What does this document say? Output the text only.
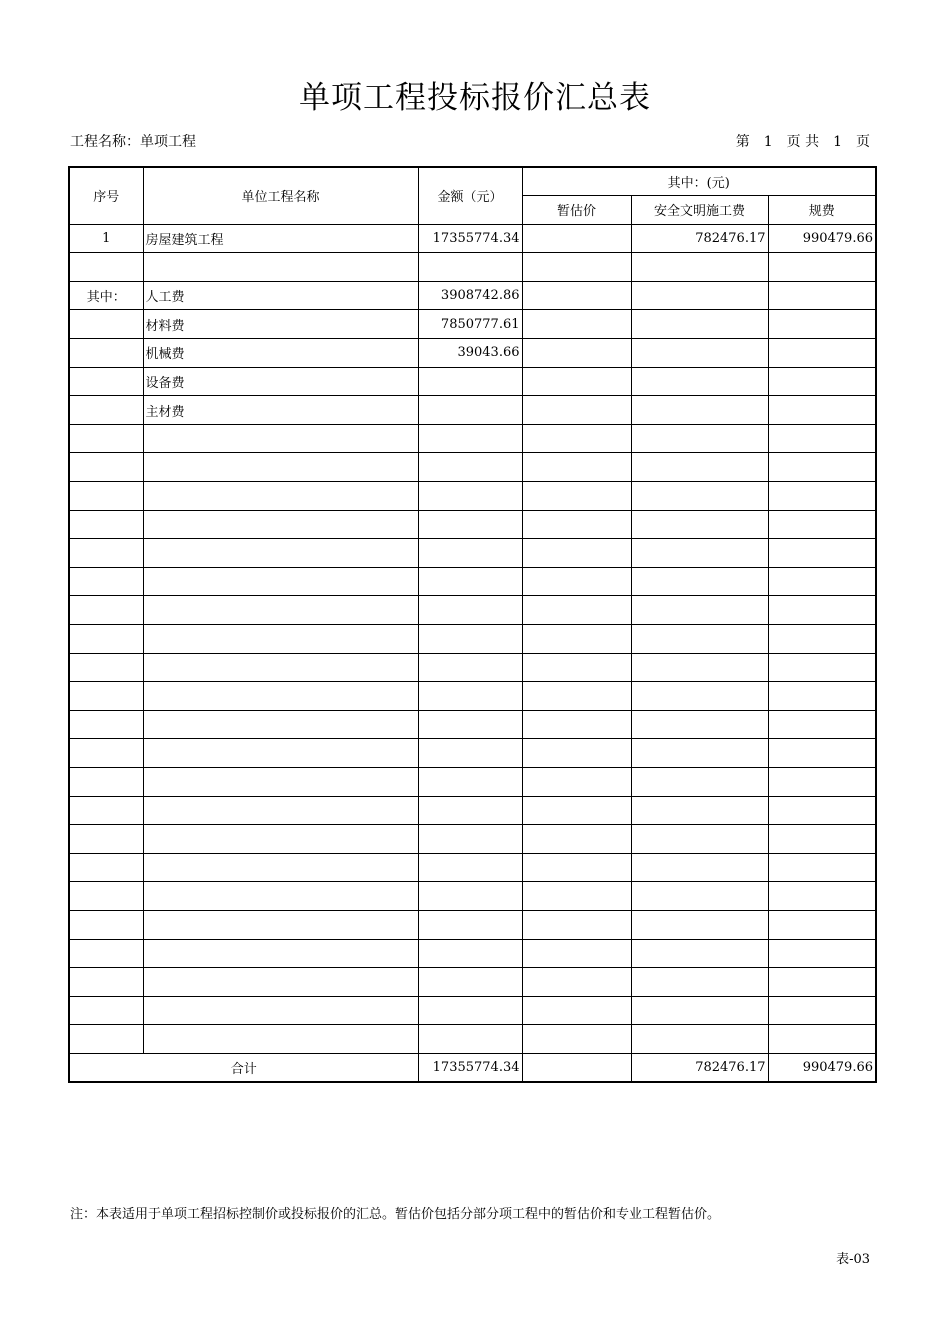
单项工程投标报价汇总表
工程名称：单项工程	第 1 页 共 1 页
序号	单位工程名称	金额（元）	其中：(元)		
			暂估价	安全文明施工费	规费
1	房屋建筑工程	17355774.34		782476.17	990479.66

其中：	人工费	3908742.86			
	材料费	7850777.61			
	机械费	39043.66			
	设备费				
	主材费				

合计		17355774.34		782476.17	990479.66
注：本表适用于单项工程招标控制价或投标报价的汇总。暂估价包括分部分项工程中的暂估价和专业工程暂估价。
表-03
